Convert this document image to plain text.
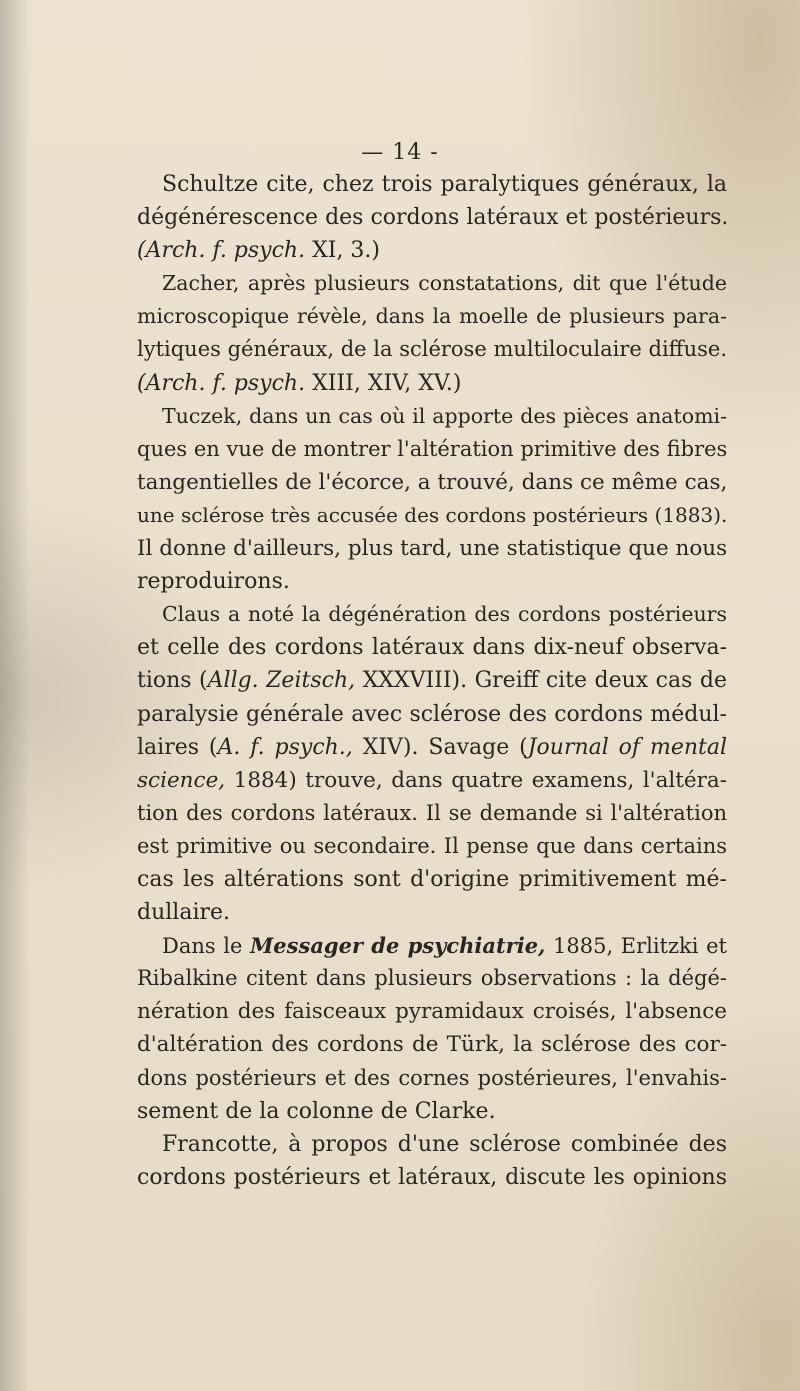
— 14 -
Schultze cite, chez trois paralytiques généraux, la
dégénérescence des cordons latéraux et postérieurs.
(Arch. f. psych. XI, 3.)
Zacher, après plusieurs constatations, dit que l'étude
microscopique révèle, dans la moelle de plusieurs para-
lytiques généraux, de la sclérose multiloculaire diffuse.
(Arch. f. psych. XIII, XIV, XV.)
Tuczek, dans un cas où il apporte des pièces anatomi-
ques en vue de montrer l'altération primitive des fibres
tangentielles de l'écorce, a trouvé, dans ce même cas,
une sclérose très accusée des cordons postérieurs (1883).
Il donne d'ailleurs, plus tard, une statistique que nous
reproduirons.
Claus a noté la dégénération des cordons postérieurs
et celle des cordons latéraux dans dix-neuf observa-
tions (Allg. Zeitsch, XXXVIII). Greiff cite deux cas de
paralysie générale avec sclérose des cordons médul-
laires (A. f. psych., XIV). Savage (Journal of mental
science, 1884) trouve, dans quatre examens, l'altéra-
tion des cordons latéraux. Il se demande si l'altération
est primitive ou secondaire. Il pense que dans certains
cas les altérations sont d'origine primitivement mé-
dullaire.
Dans le Messager de psychiatrie, 1885, Erlitzki et
Ribalkine citent dans plusieurs observations : la dégé-
nération des faisceaux pyramidaux croisés, l'absence
d'altération des cordons de Türk, la sclérose des cor-
dons postérieurs et des cornes postérieures, l'envahis-
sement de la colonne de Clarke.
Francotte, à propos d'une sclérose combinée des
cordons postérieurs et latéraux, discute les opinions
